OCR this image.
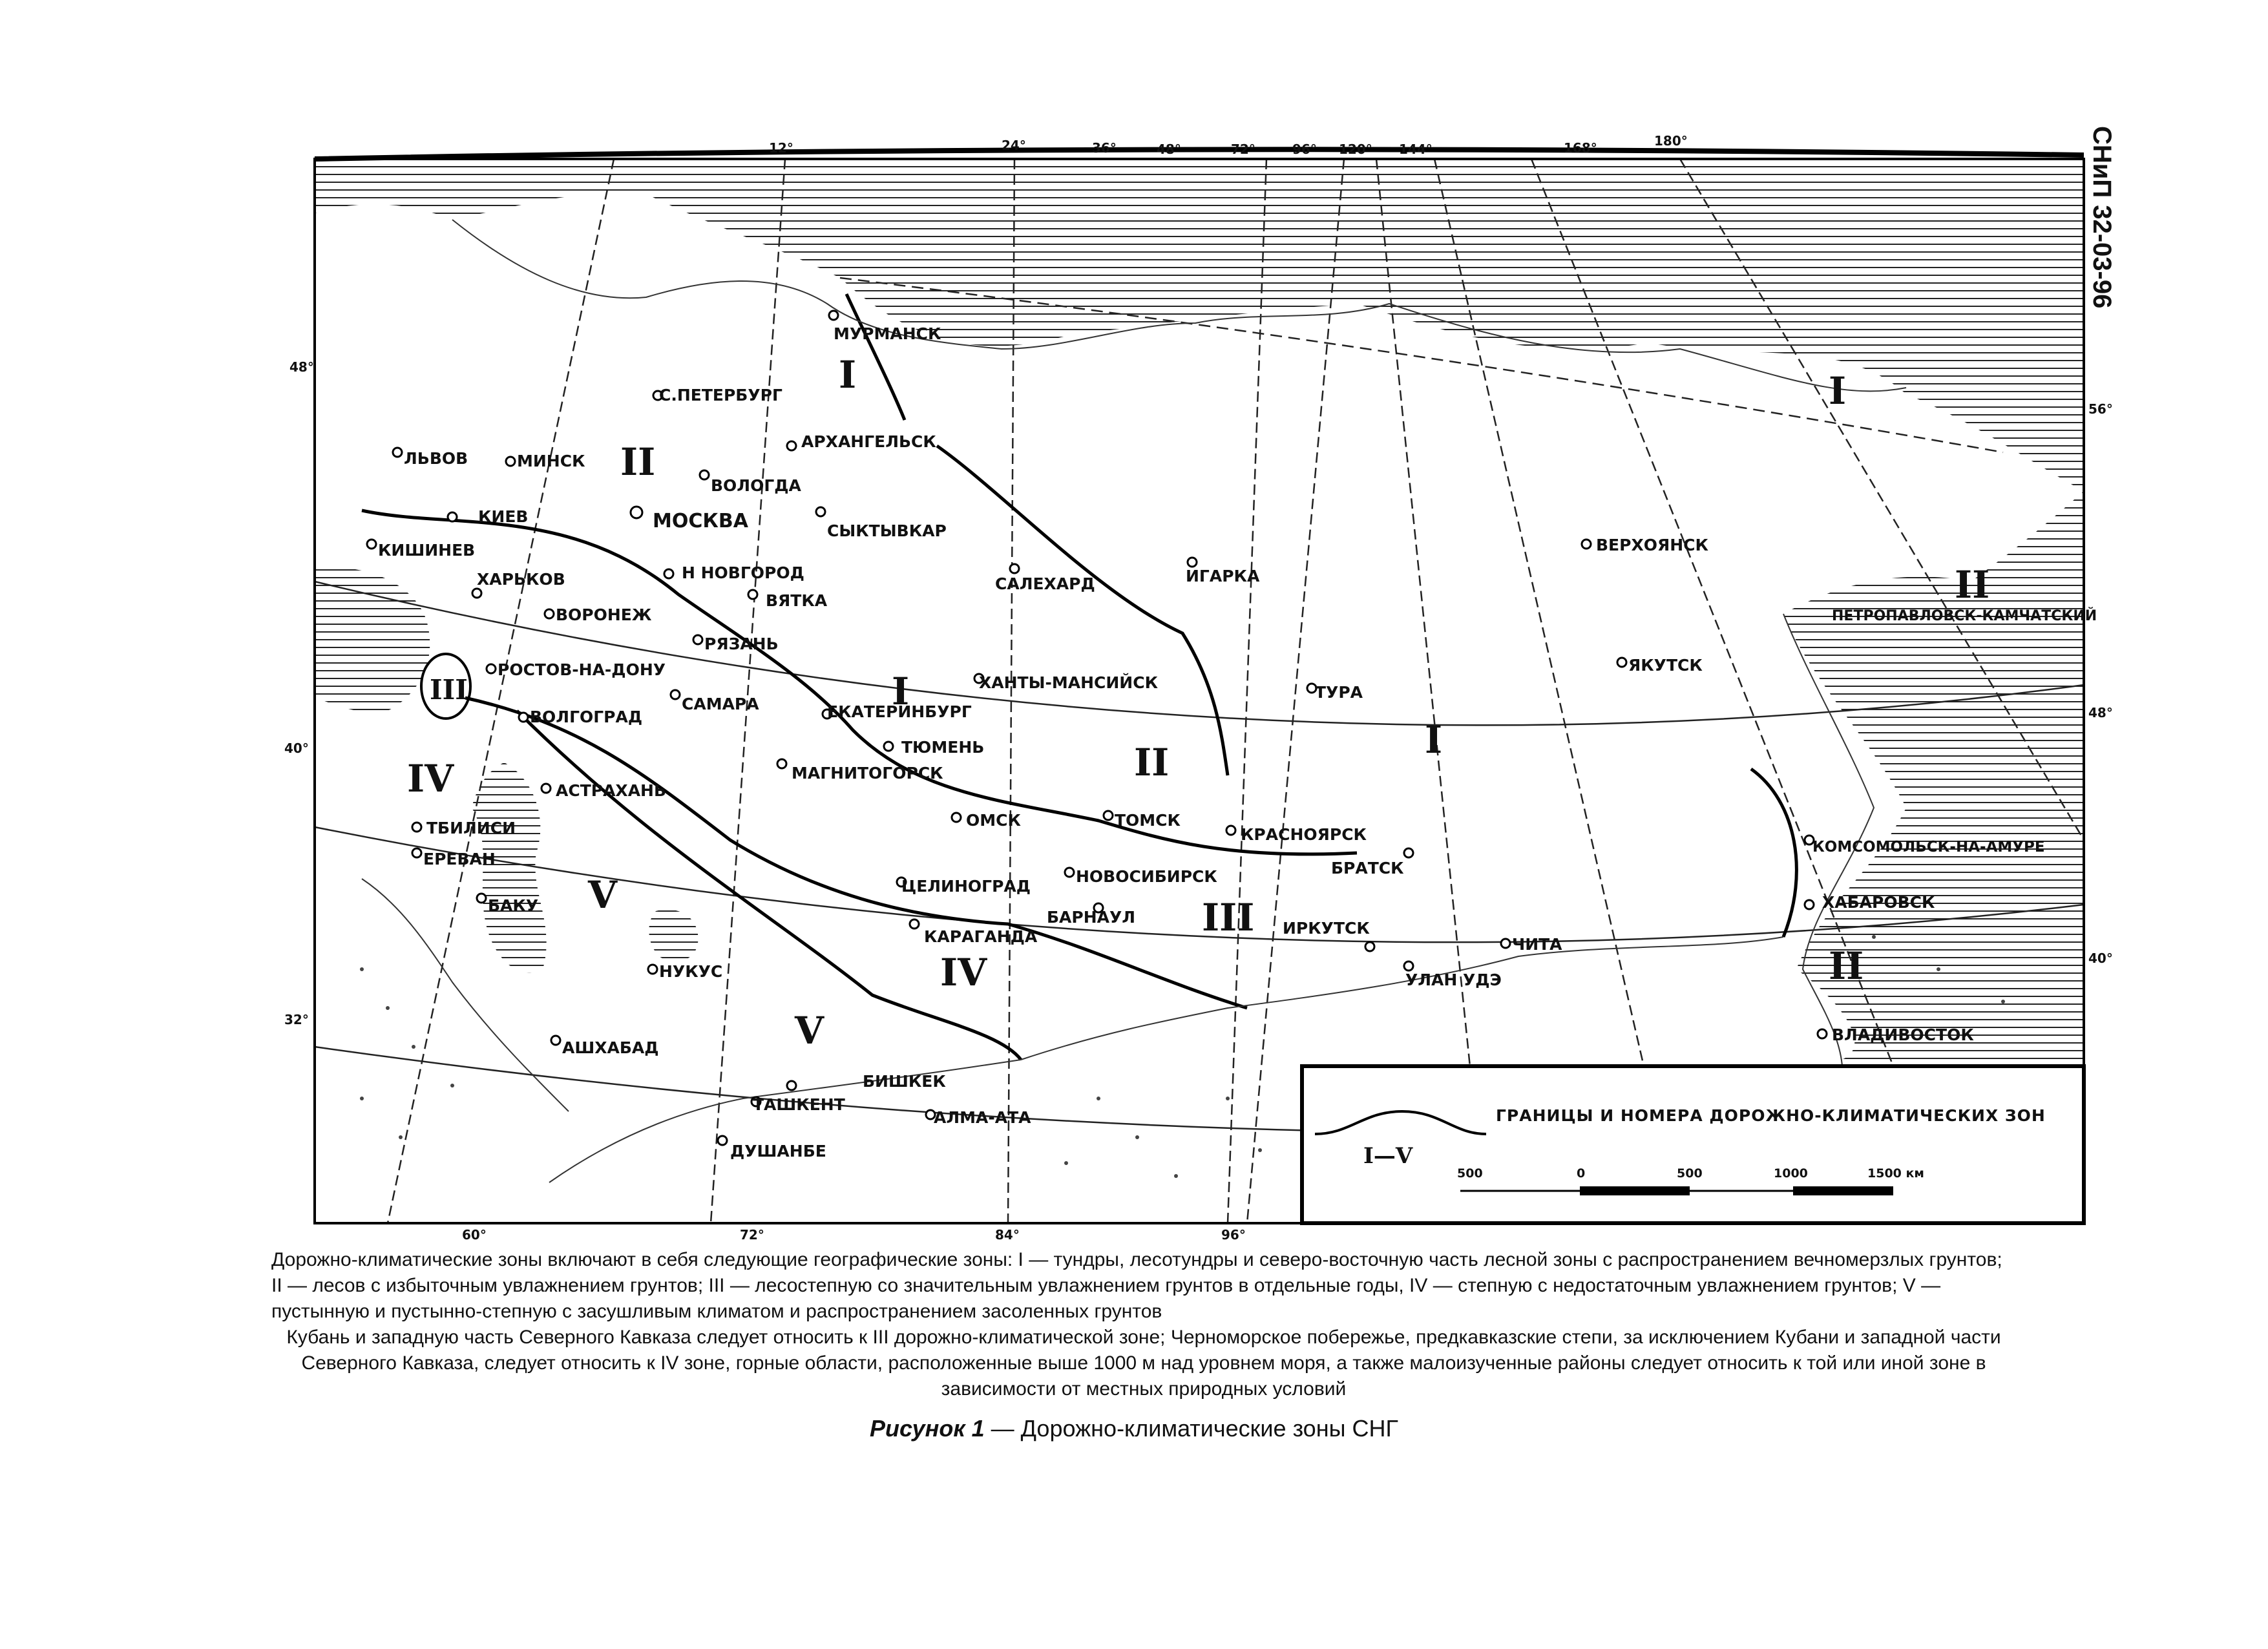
СНиП 32-03-96
12°	24°	36°	48°	72°	96° 120° 144°	168°	180°
60°	72°	84°	96°
48°
40°
32°
56°
48°
40°
МУРМАНСК
С.ПЕТЕРБУРГ
АРХАНГЕЛЬСК
ЛЬВОВ	МИНСК
ВОЛОГДА
МОСКВА
КИЕВ
СЫКТЫВКАР
КИШИНЕВ
Н НОВГОРОД
ХАРЬКОВ
ВОРОНЕЖ
ВЯТКА
РЯЗАНЬ
РОСТОВ-НА-ДОНУ
САМАРА
ВОЛГОГРАД	ЕКАТЕРИНБУРГ
ТЮМЕНЬ
МАГНИТОГОРСК
АСТРАХАНЬ
ТБИЛИСИ
ЕРЕВАН
БАКУ
САЛЕХАРД	ИГАРКА
ХАНТЫ-МАНСИЙСК
ОМСК	ТОМСК
КРАСНОЯРСК
ЦЕЛИНОГРАД
НОВОСИБИРСК
БАРНАУЛ
КАРАГАНДА
НУКУС
АШХАБАД
БИШКЕК
ТАШКЕНТ
АЛМА-АТА
ДУШАНБЕ
ТУРА
БРАТСК
ИРКУТСК
ЧИТА
УЛАН УДЭ
ВЕРХОЯНСК
ЯКУТСК
ПЕТРОПАВЛОВСК-КАМЧАТСКИЙ
КОМСОМОЛЬСК-НА-АМУРЕ
ХАБАРОВСК
ВЛАДИВОСТОК
I	I
I
I
II
II
II
II
III
III
IV
IV
V
V
I—V
ГРАНИЦЫ И НОМЕРА ДОРОЖНО-КЛИМАТИЧЕСКИХ ЗОН
500	0	500	1000	1500 км

Дорожно-климатические зоны включают в себя следующие географические зоны: I — тундры, лесотундры и северо-восточную часть лесной зоны с распространением вечномерзлых грунтов; II — лесов с избыточным увлажнением грунтов; III — лесостепную со значительным увлажнением грунтов в отдельные годы, IV — степную с недостаточным увлажнением грунтов; V — пустынную и пустынно-степную с засушливым климатом и распространением засоленных грунтов

Кубань и западную часть Северного Кавказа следует относить к III дорожно-климатической зоне; Черноморское побережье, предкавказские степи, за исключением Кубани и западной части Северного Кавказа, следует относить к IV зоне, горные области, расположенные выше 1000 м над уровнем моря, а также малоизученные районы следует относить к той или иной зоне в зависимости от местных природных условий

Рисунок 1 — Дорожно-климатические зоны СНГ
